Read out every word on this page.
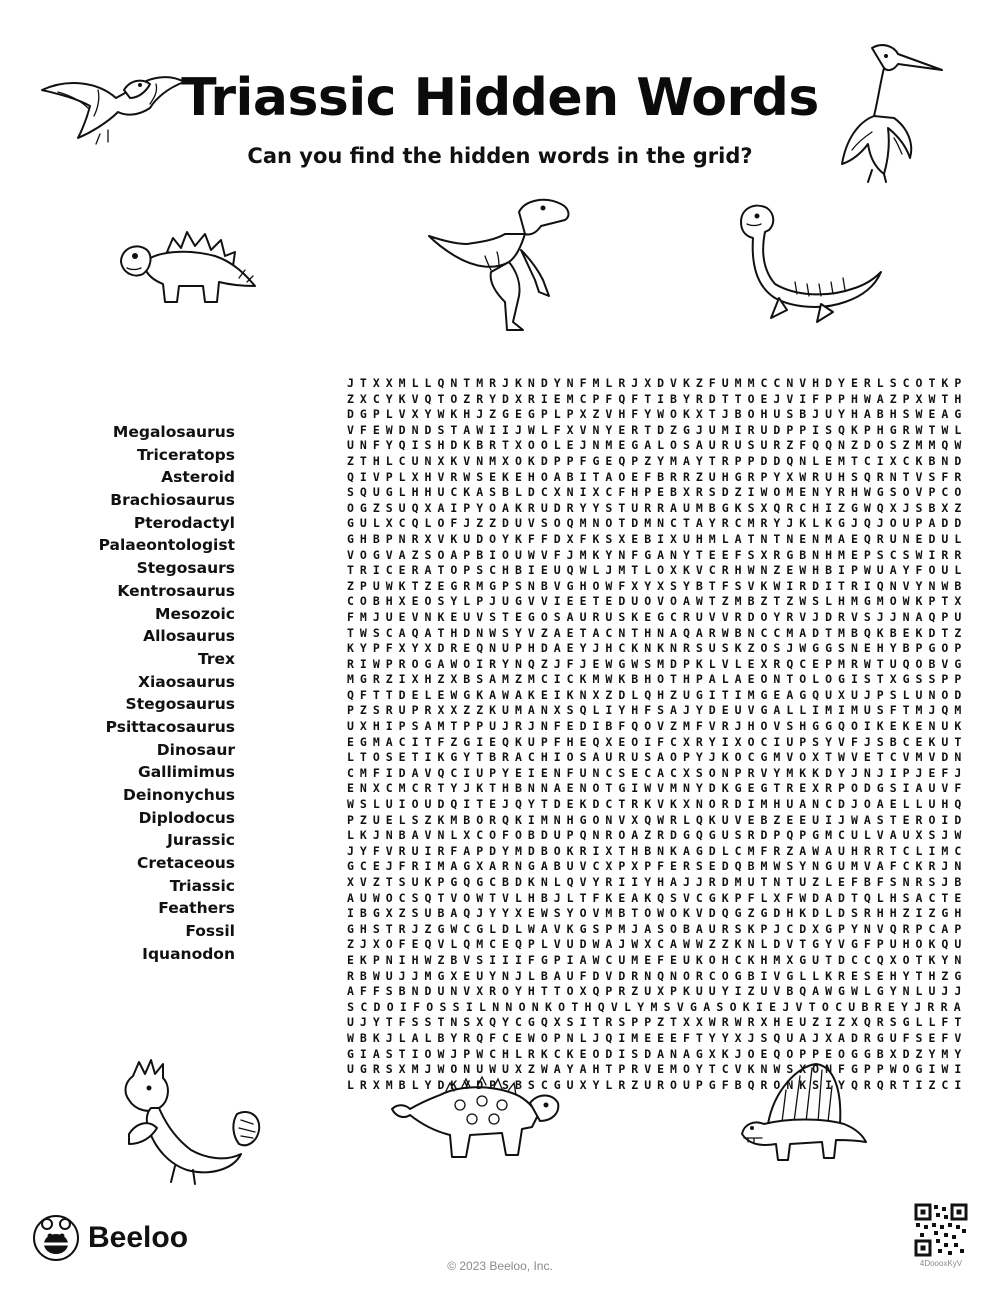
Triassic Hidden Words

Can you find the hidden words in the grid?

Megalosaurus
Triceratops
Asteroid
Brachiosaurus
Pterodactyl
Palaeontologist
Stegosaurs
Kentrosaurus
Mesozoic
Allosaurus
Trex
Xiaosaurus
Stegosaurus
Psittacosaurus
Dinosaur
Gallimimus
Deinonychus
Diplodocus
Jurassic
Cretaceous
Triassic
Feathers
Fossil
Iquanodon
J T X X M L L Q N T M R J K N D Y N F M L R J X D V K Z F U M M C C N V H D Y E R L S C O T K P
Z X C Y K V Q T O Z R Y D X R I E M C P F Q F T I B Y R D T T O E J V I F P P H W A Z P X W T H
D G P L V X Y W K H J Z G E G P L P X Z V H F Y W O K X T J B O H U S B J U Y H A B H S W E A G
V F E W D N D S T A W I I J W L F X V N Y E R T D Z G J U M I R U D P P I S Q K P H G R W T W L
U N F Y Q I S H D K B R T X O O L E J N M E G A L O S A U R U S U R Z F Q Q N Z D O S Z M M Q W
Z T H L C U N X K V N M X O K D P P F G E Q P Z Y M A Y T R P P D D Q N L E M T C I X C K B N D
Q I V P L X H V R W S E K E H O A B I T A O E F B R R Z U H G R P Y X W R U H S Q R N T V S F R
S Q U G L H H U C K A S B L D C X N I X C F H P E B X R S D Z I W O M E N Y R H W G S O V P C O
O G Z S U Q X A I P Y O A K R U D R Y Y S T U R R A U M B G K S X Q R C H I Z G W Q X J S B X Z
G U L X C Q L O F J Z Z D U V S O Q M N O T D M N C T A Y R C M R Y J K L K G J Q J O U P A D D
G H B P N R X V K U D O Y K F F D X F K S X E B I X U H M L A T N T N E N M A E Q R U N E D U L
V O G V A Z S O A P B I O U W V F J M K Y N F G A N Y T E E F S X R G B N H M E P S C S W I R R
T R I C E R A T O P S C H B I E U Q W L J M T L O X K V C R H W N Z E W H B I P W U A Y F O U L
Z P U W K T Z E G R M G P S N B V G H O W F X Y X S Y B T F S V K W I R D I T R I Q N V Y N W B
C O B H X E O S Y L P J U G V V I E E T E D U O V O A W T Z M B Z T Z W S L H M G M O W K P T X
F M J U E V N K E U V S T E G O S A U R U S K E G C R U V V R D O Y R V J D R V S J J N A Q P U
T W S C A Q A T H D N W S Y V Z A E T A C N T H N A Q A R W B N C C M A D T M B Q K B E K D T Z
K Y P F X Y X D R E Q N U P H D A E Y J H C K N K N R S U S K Z O S J W G G S N E H Y B P G O P
R I W P R O G A W O I R Y N Q Z J F J E W G W S M D P K L V L E X R Q C E P M R W T U Q O B V G
M G R Z I X H Z X B S A M Z M C I C K M W K B H O T H P A L A E O N T O L O G I S T X G S S P P
Q F T T D E L E W G K A W A K E I K N X Z D L Q H Z U G I T I M G E A G Q U X U J P S L U N O D
P Z S R U P R X X Z Z K U M A N X S Q L I Y H F S A J Y D E U V G A L L I M I M U S F T M J Q M
U X H I P S A M T P P U J R J N F E D I B F Q O V Z M F V R J H O V S H G G Q O I K E K E N U K
E G M A C I T F Z G I E Q K U P F H E Q X E O I F C X R Y I X O C I U P S Y V F J S B C E K U T
L T O S E T I K G Y T B R A C H I O S A U R U S A O P Y J K O C G M V O X T W V E T C V M V D N
C M F I D A V Q C I U P Y E I E N F U N C S E C A C X S O N P R V Y M K K D Y J N J I P J E F J
E N X C M C R T Y J K T H B N N A E N O T G I W V M N Y D K G E G T R E X R P O D G S I A U V F
W S L U I O U D Q I T E J Q Y T D E K D C T R K V K X N O R D I M H U A N C D J O A E L L U H Q
P Z U E L S Z K M B O R Q K I M N H G O N V X Q W R L Q K U V E B Z E E U I J W A S T E R O I D
L K J N B A V N L X C O F O B D U P Q N R O A Z R D G Q G U S R D P Q P G M C U L V A U X S J W
J Y F V R U I R F A P D Y M D B O K R I X T H B N K A G D L C M F R Z A W A U H R R T C L I M C
G C E J F R I M A G X A R N G A B U V C X P X P F E R S E D Q B M W S Y N G U M V A F C K R J N
X V Z T S U K P G Q G C B D K N L Q V Y R I I Y H A J J R D M U T N T U Z L E F B F S N R S J B
A U W O C S Q T V O W T V L H B J L T F K E A K Q S V C G K P F L X F W D A D T Q L H S A C T E
I B G X Z S U B A Q J Y Y X E W S Y O V M B T O W O K V D Q G Z G D H K D L D S R H H Z I Z G H
G H S T R J Z G W C G L D L W A V K G S P M J A S O B A U R S K P J C D X G P Y N V Q R P C A P
Z J X O F E Q V L Q M C E Q P L V U D W A J W X C A W W Z Z K N L D V T G Y V G F P U H O K Q U
E K P N I H W Z B V S I I I F G P I A W C U M E F E U K O H C K H M X G U T D C C Q X O T K Y N
R B W U J J M G X E U Y N J L B A U F D V D R N Q N O R C O G B I V G L L K R E S E H Y T H Z G
A F F S B N D U N V X R O Y H T T O X Q P R Z U X P K U U Y I Z U V B Q A W G W L G Y N L U J J
S C D O I F O S S I L N N O N K O T H Q V L Y M S V G A S O K I E J V T O C U B R E Y J R R A
U J Y T F S S T N S X Q Y C G Q X S I T R S P P Z T X X W R W R X H E U Z I Z X Q R S G L L F T
W B K J L A L B Y R Q F C E W O P N L J Q I M E E E F T Y Y X J S Q U A J X A D R G U F S E F V
G I A S T I O W J P W C H L R K C K E O D I S D A N A G X K J O E Q O P P E O G G B X D Z Y M Y
U G R S X M J W O N U W U X Z W A Y A H T P R V E M O Y T C V K N W S X O N F G P P W O G I W I
L R X M B L Y D K Y D P S B S C G U X Y L R Z U R O U P G F B Q R O N K S I Y Q R Q R T I Z C I
Beeloo
© 2023 Beeloo, Inc.	4DoooxKyV
